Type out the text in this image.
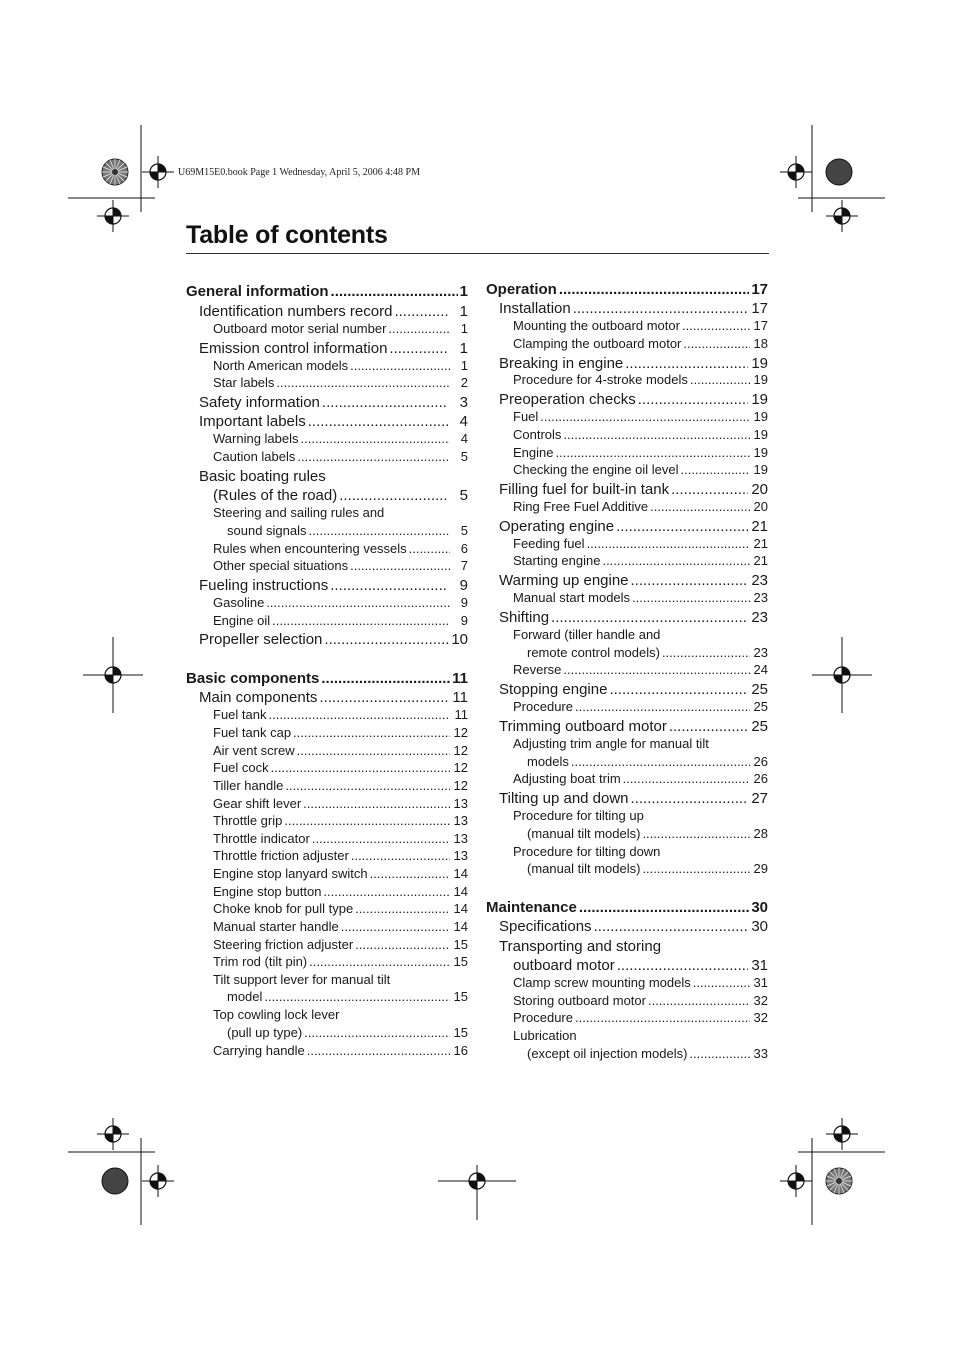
U69M15E0.book Page 1 Wednesday, April 5, 2006 4:48 PM
Table of contents
General information .....	1
Identification numbers record .....	1
Outboard motor serial number .....	1
Emission control information .....	1
North American models .....	1
Star labels .....	2
Safety information .....	3
Important labels .....	4
Warning labels .....	4
Caution labels .....	5
Basic boating rules
(Rules of the road) .....	5
Steering and sailing rules and
sound signals .....	5
Rules when encountering vessels .....	6
Other special situations .....	7
Fueling instructions .....	9
Gasoline .....	9
Engine oil .....	9
Propeller selection .....	10
Basic components .....	11
Main components .....	11
Fuel tank .....	11
Fuel tank cap .....	12
Air vent screw .....	12
Fuel cock .....	12
Tiller handle .....	12
Gear shift lever .....	13
Throttle grip .....	13
Throttle indicator .....	13
Throttle friction adjuster .....	13
Engine stop lanyard switch .....	14
Engine stop button .....	14
Choke knob for pull type .....	14
Manual starter handle .....	14
Steering friction adjuster .....	15
Trim rod (tilt pin) .....	15
Tilt support lever for manual tilt
model .....	15
Top cowling lock lever
(pull up type) .....	15
Carrying handle .....	16
Operation .....	17
Installation .....	17
Mounting the outboard motor .....	17
Clamping the outboard motor .....	18
Breaking in engine .....	19
Procedure for 4-stroke models .....	19
Preoperation checks .....	19
Fuel .....	19
Controls .....	19
Engine .....	19
Checking the engine oil level .....	19
Filling fuel for built-in tank .....	20
Ring Free Fuel Additive .....	20
Operating engine .....	21
Feeding fuel .....	21
Starting engine .....	21
Warming up engine .....	23
Manual start models .....	23
Shifting .....	23
Forward (tiller handle and
remote control models) .....	23
Reverse .....	24
Stopping engine .....	25
Procedure .....	25
Trimming outboard motor .....	25
Adjusting trim angle for manual tilt
models .....	26
Adjusting boat trim .....	26
Tilting up and down .....	27
Procedure for tilting up
(manual tilt models) .....	28
Procedure for tilting down
(manual tilt models) .....	29
Maintenance .....	30
Specifications .....	30
Transporting and storing
outboard motor .....	31
Clamp screw mounting models .....	31
Storing outboard motor .....	32
Procedure .....	32
Lubrication
(except oil injection models) .....	33
